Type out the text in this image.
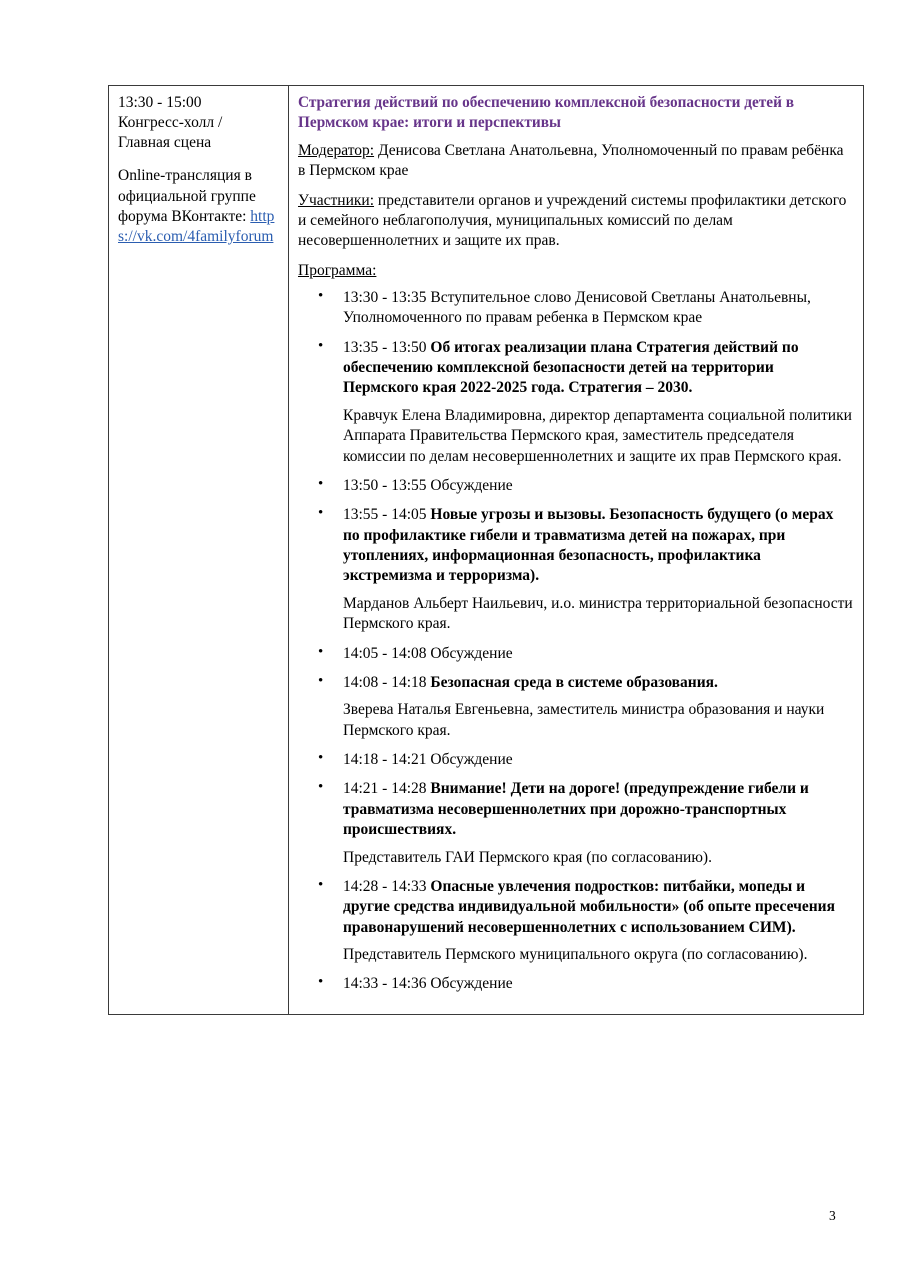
13:30 - 15:00
Конгресс-холл /
Главная сцена
Online-трансляция в официальной группе форума ВКонтакте: https://vk.com/4familyforum

Стратегия действий по обеспечению комплексной безопасности детей в Пермском крае: итоги и перспективы
Модератор: Денисова Светлана Анатольевна, Уполномоченный по правам ребёнка в Пермском крае
Участники: представители органов и учреждений системы профилактики детского и семейного неблагополучия, муниципальных комиссий по делам несовершеннолетних и защите их прав.
Программа:
• 13:30 - 13:35 Вступительное слово Денисовой Светланы Анатольевны, Уполномоченного по правам ребенка в Пермском крае
• 13:35 - 13:50 Об итогах реализации плана Стратегия действий по обеспечению комплексной безопасности детей на территории Пермского края 2022-2025 года. Стратегия – 2030.
Кравчук Елена Владимировна, директор департамента социальной политики Аппарата Правительства Пермского края, заместитель председателя комиссии по делам несовершеннолетних и защите их прав Пермского края.
• 13:50 - 13:55 Обсуждение
• 13:55 - 14:05 Новые угрозы и вызовы. Безопасность будущего (о мерах по профилактике гибели и травматизма детей на пожарах, при утоплениях, информационная безопасность, профилактика экстремизма и терроризма).
Марданов Альберт Наильевич, и.о. министра территориальной безопасности Пермского края.
• 14:05 - 14:08 Обсуждение
• 14:08 - 14:18 Безопасная среда в системе образования.
Зверева Наталья Евгеньевна, заместитель министра образования и науки Пермского края.
• 14:18 - 14:21 Обсуждение
• 14:21 - 14:28 Внимание! Дети на дороге! (предупреждение гибели и травматизма несовершеннолетних при дорожно-транспортных происшествиях.
Представитель ГАИ Пермского края (по согласованию).
• 14:28 - 14:33 Опасные увлечения подростков: питбайки, мопеды и другие средства индивидуальной мобильности» (об опыте пресечения правонарушений несовершеннолетних с использованием СИМ).
Представитель Пермского муниципального округа (по согласованию).
• 14:33 - 14:36 Обсуждение
3
